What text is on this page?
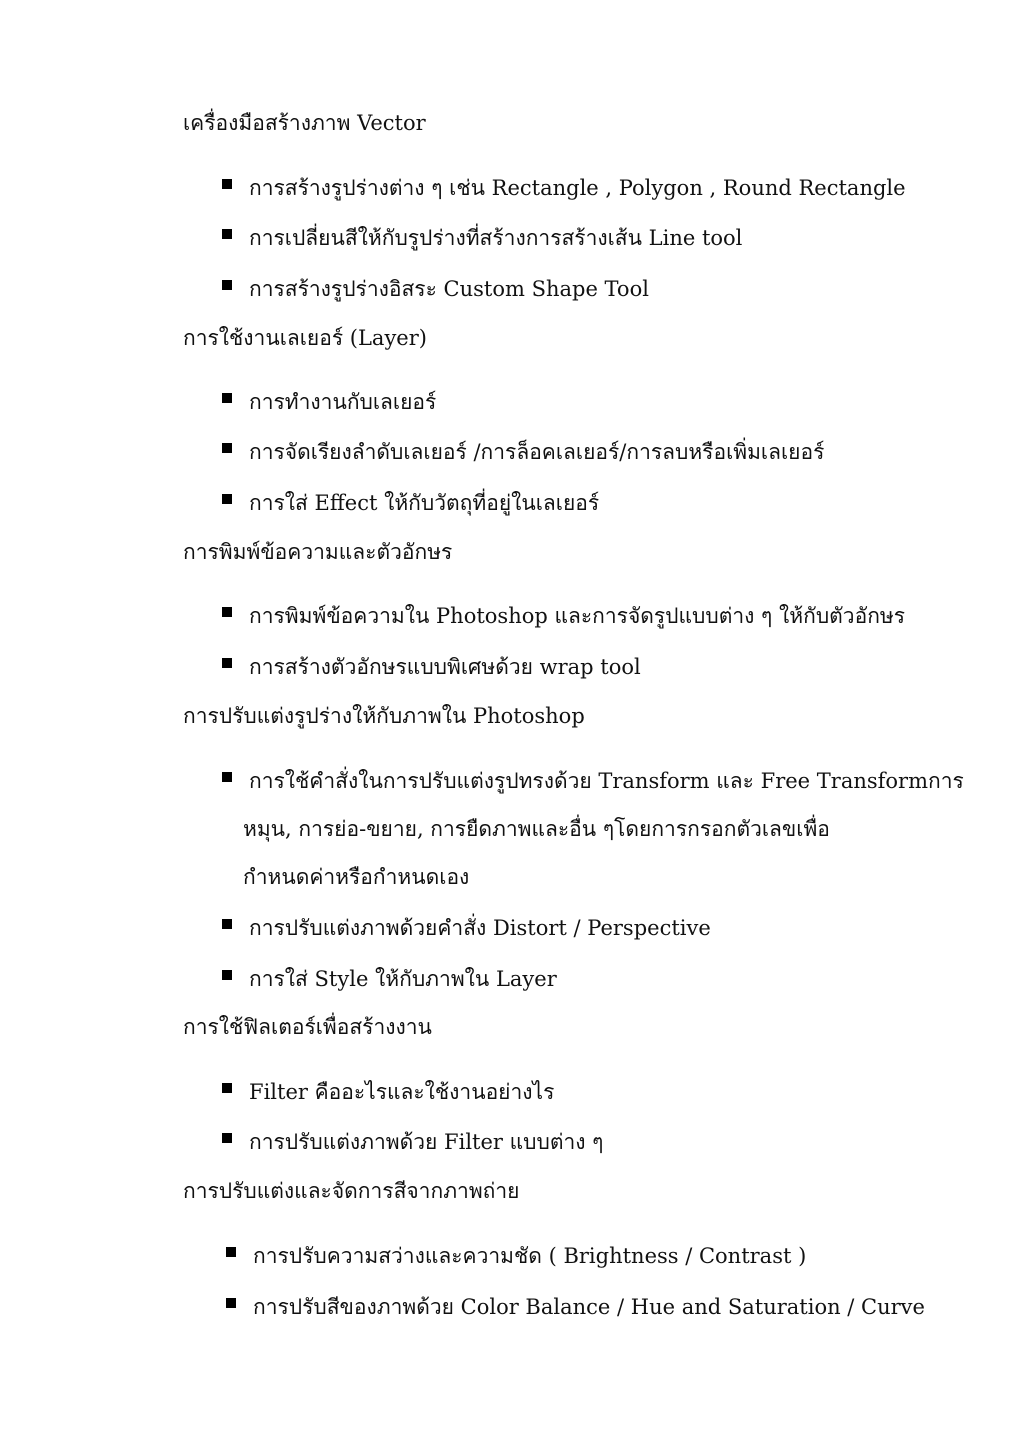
เครื่องมือสร้างภาพ Vector
การสร้างรูปร่างต่าง ๆ เช่น Rectangle , Polygon , Round Rectangle
การเปลี่ยนสีให้กับรูปร่างที่สร้างการสร้างเส้น Line tool
การสร้างรูปร่างอิสระ Custom Shape Tool
การใช้งานเลเยอร์ (Layer)
การทำงานกับเลเยอร์
การจัดเรียงลำดับเลเยอร์ /การล็อคเลเยอร์/การลบหรือเพิ่มเลเยอร์
การใส่ Effect ให้กับวัตถุที่อยู่ในเลเยอร์
การพิมพ์ข้อความและตัวอักษร
การพิมพ์ข้อความใน Photoshop และการจัดรูปแบบต่าง ๆ ให้กับตัวอักษร
การสร้างตัวอักษรแบบพิเศษด้วย wrap tool
การปรับแต่งรูปร่างให้กับภาพใน Photoshop
การใช้คำสั่งในการปรับแต่งรูปทรงด้วย Transform และ Free Transformการ
หมุน, การย่อ-ขยาย, การยืดภาพและอื่น ๆโดยการกรอกตัวเลขเพื่อ
กำหนดค่าหรือกำหนดเอง
การปรับแต่งภาพด้วยคำสั่ง Distort / Perspective
การใส่ Style ให้กับภาพใน Layer
การใช้ฟิลเตอร์เพื่อสร้างงาน
Filter คืออะไรและใช้งานอย่างไร
การปรับแต่งภาพด้วย Filter แบบต่าง ๆ
การปรับแต่งและจัดการสีจากภาพถ่าย
การปรับความสว่างและความชัด ( Brightness / Contrast )
การปรับสีของภาพด้วย Color Balance / Hue and Saturation / Curve
